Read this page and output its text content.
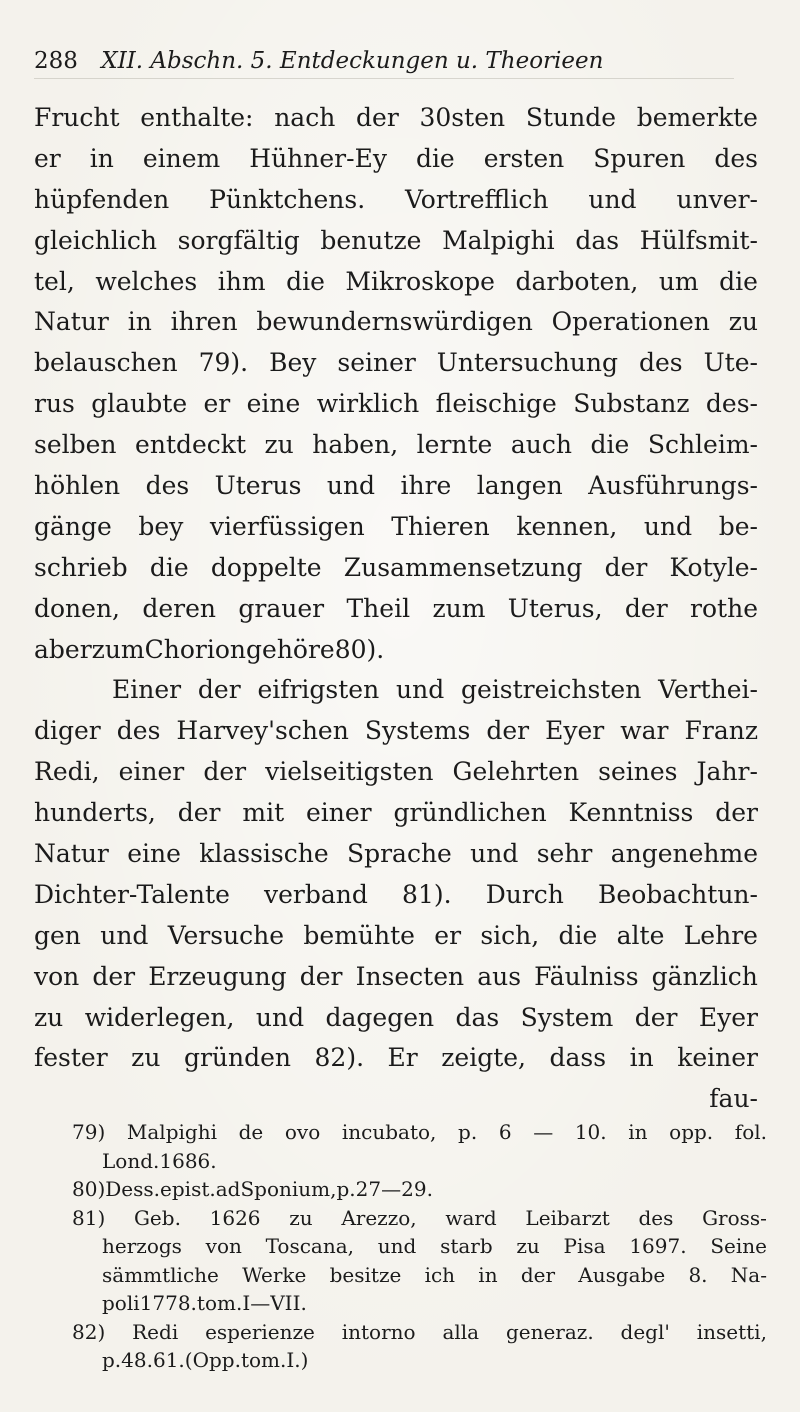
288 XII. Abschn. 5. Entdeckungen u. Theorieen
Frucht enthalte: nach der 30sten Stunde bemerkte
er in einem Hühner-Ey die ersten Spuren des
hüpfenden Pünktchens. Vortrefflich und unver-
gleichlich sorgfältig benutze Malpighi das Hülfsmit-
tel, welches ihm die Mikroskope darboten, um die
Natur in ihren bewundernswürdigen Operationen zu
belauschen 79). Bey seiner Untersuchung des Ute-
rus glaubte er eine wirklich fleischige Substanz des-
selben entdeckt zu haben, lernte auch die Schleim-
höhlen des Uterus und ihre langen Ausführungs-
gänge bey vierfüssigen Thieren kennen, und be-
schrieb die doppelte Zusammensetzung der Kotyle-
donen, deren grauer Theil zum Uterus, der rothe
aber zum Chorion gehöre 80).
Einer der eifrigsten und geistreichsten Verthei-
diger des Harvey'schen Systems der Eyer war Franz
Redi, einer der vielseitigsten Gelehrten seines Jahr-
hunderts, der mit einer gründlichen Kenntniss der
Natur eine klassische Sprache und sehr angenehme
Dichter-Talente verband 81). Durch Beobachtun-
gen und Versuche bemühte er sich, die alte Lehre
von der Erzeugung der Insecten aus Fäulniss gänzlich
zu widerlegen, und dagegen das System der Eyer
fester zu gründen 82). Er zeigte, dass in keiner
fau-
79) Malpighi de ovo incubato, p. 6 — 10. in opp. fol.
Lond. 1686.
80) Dess. epist. ad Sponium, p. 27 — 29.
81) Geb. 1626 zu Arezzo, ward Leibarzt des Gross-
herzogs von Toscana, und starb zu Pisa 1697. Seine
sämmtliche Werke besitze ich in der Ausgabe 8. Na-
poli 1778. tom. I — VII.
82) Redi esperienze intorno alla generaz. degl' insetti,
p. 48. 61. (Opp. tom. I.)
